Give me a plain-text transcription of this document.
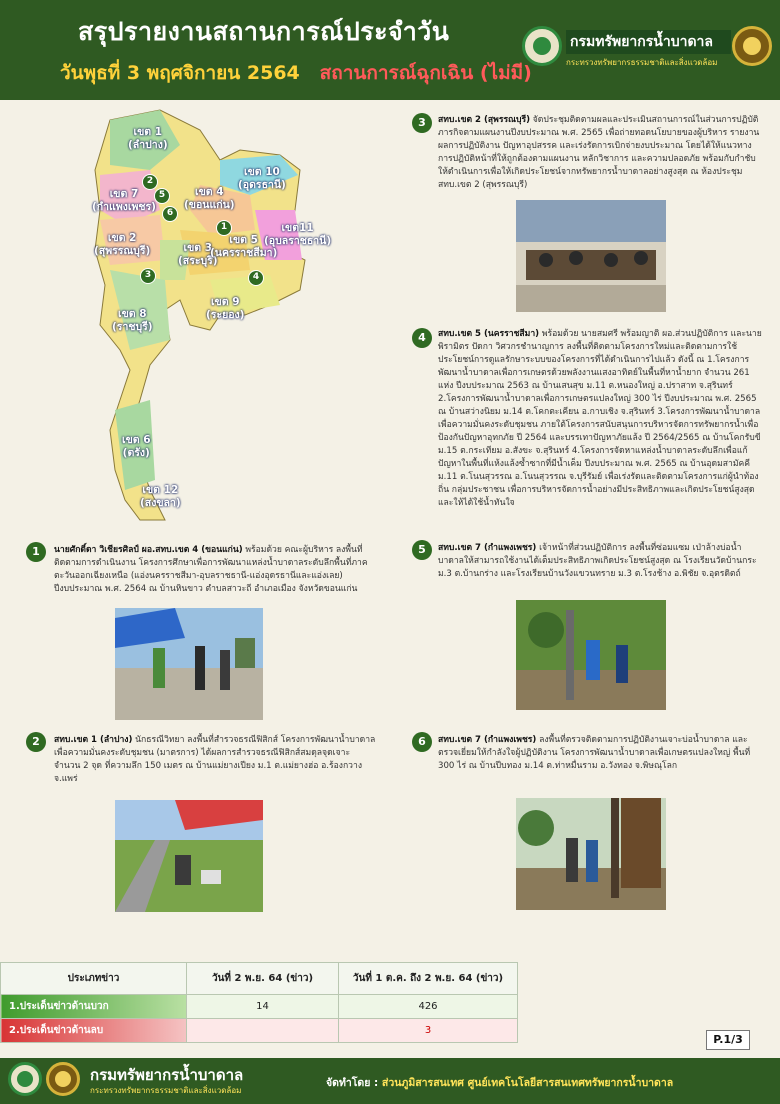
สรุปรายงานสถานการณ์ประจำวัน
วันพุธที่ 3 พฤศจิกายน 2564 สถานการณ์ฉุกเฉิน (ไม่มี)
กรมทรัพยากรน้ำบาดาล
กระทรวงทรัพยากรธรรมชาติและสิ่งแวดล้อม
เขต 1
(ลำปาง)
เขต 7
(กำแพงเพชร)
เขต 10
(อุดรธานี)
เขต 4
(ขอนแก่น)
เขต 2
(สุพรรณบุรี)	เขต 3
(สระบุรี)
เขต 5
(นครราชสีมา)
เขต11
(อุบลราชธานี)
เขต 9
(ระยอง)
เขต 8
(ราชบุรี)
เขต 6
(ตรัง)
เขต 12
(สงขลา)
2
5
6
1
3	4
3	สทบ.เขต 2 (สุพรรณบุรี) จัดประชุมติดตามผลและประเมินสถานการณ์ในส่วนการปฏิบัติภารกิจตามแผนงานปีงบประมาณ พ.ศ. 2565 เพื่อถ่ายทอดนโยบายของผู้บริหาร รายงานผลการปฏิบัติงาน ปัญหาอุปสรรค และเร่งรัดการเบิกจ่ายงบประมาณ โดยได้ให้แนวทางการปฏิบัติหน้าที่ให้ถูกต้องตามแผนงาน หลักวิชาการ และความปลอดภัย พร้อมกับกำชับให้ดำเนินการเพื่อให้เกิดประโยชน์จากทรัพยากรน้ำบาดาลอย่างสูงสุด ณ ห้องประชุม สทบ.เขต 2 (สุพรรณบุรี)
4	สทบ.เขต 5 (นครราชสีมา) พร้อมด้วย นายสมศรี พร้อมญาติ ผอ.ส่วนปฏิบัติการ และนายพิรามิตร ปัดกา วิศวกรชำนาญการ ลงพื้นที่ติดตามโครงการใหม่และติดตามการใช้ประโยชน์การดูแลรักษาระบบของโครงการที่ได้ดำเนินการไปแล้ว ดังนี้ ณ 1.โครงการพัฒนาน้ำบาดาลเพื่อการเกษตรด้วยพลังงานแสงอาทิตย์ในพื้นที่หาน้ำยาก จำนวน 261 แห่ง ปีงบประมาณ 2563 ณ บ้านเสนสุข ม.11 ต.หนองใหญ่ อ.ปราสาท จ.สุรินทร์ 2.โครงการพัฒนาน้ำบาดาลเพื่อการเกษตรแปลงใหญ่ 300 ไร่ ปีงบประมาณ พ.ศ. 2565 ณ บ้านสว่างนิยม ม.14 ต.โคกตะเคียน อ.กาบเชิง จ.สุรินทร์ 3.โครงการพัฒนาน้ำบาดาลเพื่อความมั่นคงระดับชุมชน ภายใต้โครงการสนับสนุนการบริหารจัดการทรัพยากรน้ำเพื่อป้องกันปัญหาอุทกภัย ปี 2564 และบรรเทาปัญหาภัยแล้ง ปี 2564/2565 ณ บ้านโคกรับขี ม.15 ต.กระเทียม อ.สังขะ จ.สุรินทร์ 4.โครงการจัดหาแหล่งน้ำบาดาลระดับลึกเพื่อแก้ปัญหาในพื้นที่แห้งแล้งซ้ำซากที่มีน้ำเค็ม ปีงบประมาณ พ.ศ. 2565 ณ บ้านอุดมสามัคคี ม.11 ต.โนนสุวรรณ อ.โนนสุวรรณ จ.บุรีรัมย์ เพื่อเร่งรัดและติดตามโครงการแก่ผู้นำท้องถิ่น กลุ่มประชาชน เพื่อการบริหารจัดการน้ำอย่างมีประสิทธิภาพและเกิดประโยชน์สูงสุด และให้ได้ใช้น้ำทันใจ
1	นายศักดิ์ดา วิเชียรศิลป์ ผอ.สทบ.เขต 4 (ขอนแก่น) พร้อมด้วย คณะผู้บริหาร ลงพื้นที่ติดตามการดำเนินงาน โครงการศึกษาเพื่อการพัฒนาแหล่งน้ำบาดาลระดับลึกพื้นที่ภาคตะวันออกเฉียงเหนือ (แอ่งนครราชสีมา-อุบลราชธานี-แอ่งอุดรธานีและแอ่งเลย) ปีงบประมาณ พ.ศ. 2564 ณ บ้านหินขาว ตำบลสาวะถี อำเภอเมือง จังหวัดขอนแก่น
5	สทบ.เขต 7 (กำแพงเพชร) เจ้าหน้าที่ส่วนปฏิบัติการ ลงพื้นที่ซ่อมแซม เป่าล้างบ่อน้ำบาดาลให้สามารถใช้งานได้เต็มประสิทธิภาพเกิดประโยชน์สูงสุด ณ โรงเรียนวัดบ้านกระ ม.3 ต.บ้านกร่าง และโรงเรียนบ้านวังแขวนทราย ม.3 ต.โรงช้าง อ.พิชัย จ.อุตรดิตถ์
2	สทบ.เขต 1 (ลำปาง) นักธรณีวิทยา ลงพื้นที่สำรวจธรณีฟิสิกส์ โครงการพัฒนาน้ำบาดาลเพื่อความมั่นคงระดับชุมชน (มาตรการ) ได้ผลการสำรวจธรณีฟิสิกส์สมดุลจุดเจาะ จำนวน 2 จุด ที่ความลึก 150 เมตร ณ บ้านแม่ยางเปียง ม.1 ต.แม่ยางฮ่อ อ.ร้องกวาง จ.แพร่
6	สทบ.เขต 7 (กำแพงเพชร) ลงพื้นที่ตรวจติดตามการปฏิบัติงานเจาะบ่อน้ำบาดาล และตรวจเยี่ยมให้กำลังใจผู้ปฏิบัติงาน โครงการพัฒนาน้ำบาดาลเพื่อเกษตรแปลงใหญ่ พื้นที่ 300 ไร่ ณ บ้านปีบทอง ม.14 ต.ท่าหมื่นราม อ.วังทอง จ.พิษณุโลก
ประเภทข่าว	วันที่ 2 พ.ย. 64 (ข่าว)	วันที่ 1 ต.ค. ถึง 2 พ.ย. 64 (ข่าว)
1.ประเด็นข่าวด้านบวก	14	426
2.ประเด็นข่าวด้านลบ		3
P.1/3
กรมทรัพยากรน้ำบาดาล
กระทรวงทรัพยากรธรรมชาติและสิ่งแวดล้อม
จัดทำโดย : ส่วนภูมิสารสนเทศ ศูนย์เทคโนโลยีสารสนเทศทรัพยากรน้ำบาดาล
